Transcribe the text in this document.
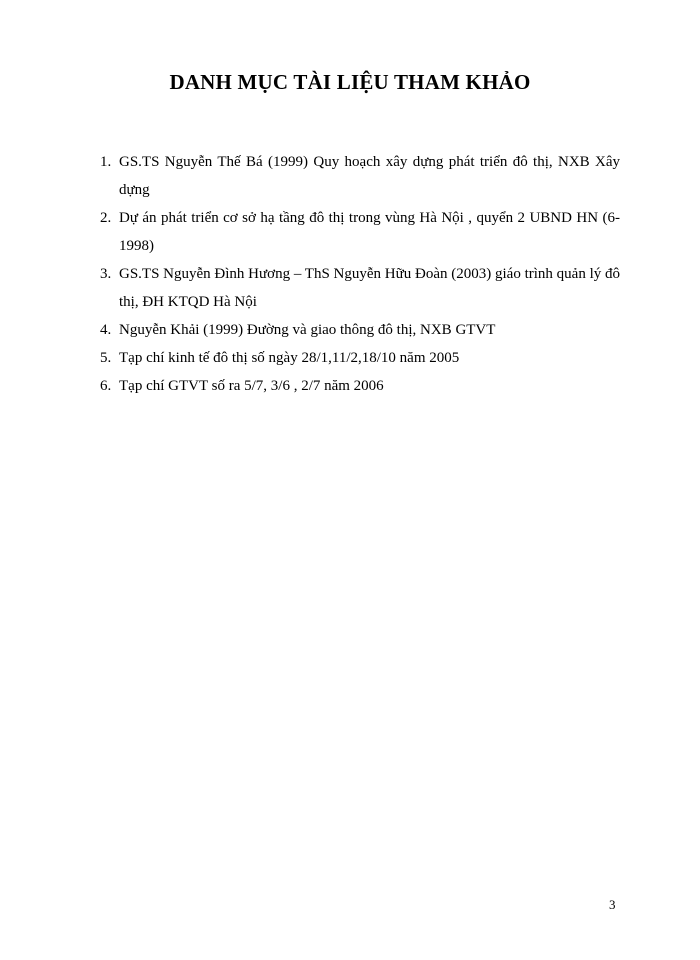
DANH MỤC TÀI LIỆU THAM KHẢO
1. GS.TS Nguyễn Thế Bá (1999) Quy hoạch xây dựng phát triển đô thị, NXB Xây dựng
2. Dự án phát triển cơ sở hạ tầng đô thị trong vùng Hà Nội , quyển 2 UBND HN (6-1998)
3. GS.TS Nguyễn Đình Hương – ThS Nguyễn Hữu Đoàn (2003) giáo trình quản lý đô thị, ĐH KTQD Hà Nội
4. Nguyễn Khải (1999) Đường và giao thông đô thị, NXB GTVT
5. Tạp chí kinh tế đô thị số ngày 28/1,11/2,18/10 năm 2005
6. Tạp chí GTVT số ra 5/7, 3/6 , 2/7 năm 2006
3
